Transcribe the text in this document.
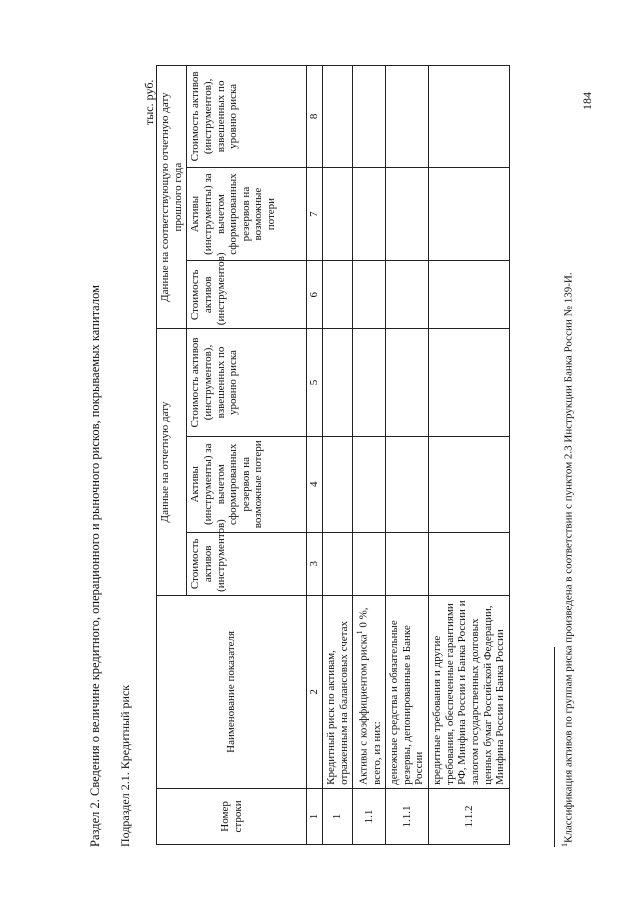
Раздел 2. Сведения о величине кредитного, операционного и рыночного рисков, покрываемых капиталом Подраздел 2.1. Кредитный риск
тыс. руб.
Номер строки	Наименование показателя	Данные на отчетную дату			Данные на соответствующую отчетную дату прошлого года		
		Стоимость активов (инструментов)	Активы (инструменты) за вычетом сформированных резервов на возможные потери	Стоимость активов (инструментов), взвешенных по уровню риска	Стоимость активов (инструментов)	Активы (инструменты) за вычетом сформированных резервов на возможные потери	Стоимость активов (инструментов), взвешенных по уровню риска

1	2	3	4	5	6	7	8
1	Кредитный риск по активам, отраженным на балансовых счетах						
1.1	Активы с коэффициентом риска$^1$ 0 %, всего, из них:						
1.1.1	денежные средства и обязательные резервы, депонированные в Банке России						
1.1.2	кредитные требования и другие требования, обеспеченные гарантиями РФ, Минфина России и Банка России и залогом государственных долговых ценных бумаг Российской Федерации, Минфина России и Банка России						
$^1$Классификация активов по группам риска произведена в соответствии с пунктом 2.3 Инструкции Банка России № 139-И.
184
